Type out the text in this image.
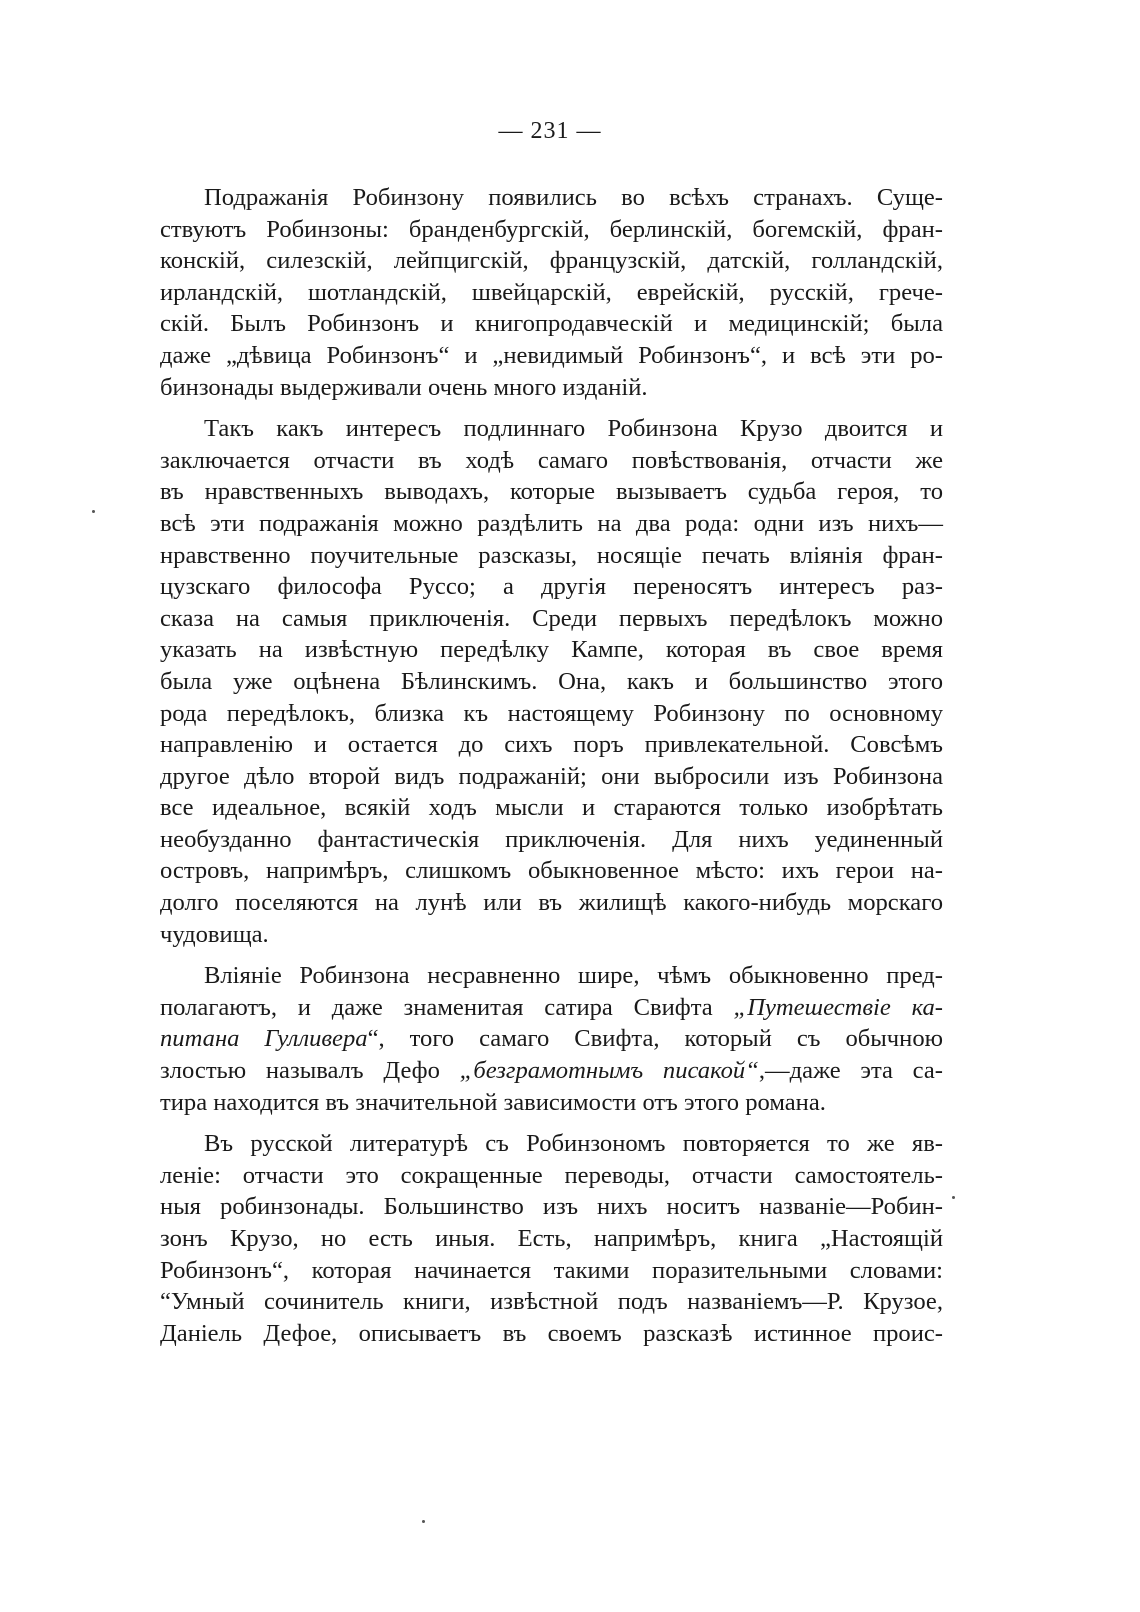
— 231 —

Подражанія Робинзону появились во всѣхъ странахъ. Суще-
ствуютъ Робинзоны: бранденбургскій, берлинскій, богемскій, фран-
конскій, силезскій, лейпцигскій, французскій, датскій, голландскій,
ирландскій, шотландскій, швейцарскій, еврейскій, русскій, грече-
скій. Былъ Робинзонъ и книгопродавческій и медицинскій; была
даже „дѣвица Робинзонъ“ и „невидимый Робинзонъ“, и всѣ эти ро-
бинзонады выдерживали очень много изданій.

Такъ какъ интересъ подлиннаго Робинзона Крузо двоится и
заключается отчасти въ ходѣ самаго повѣствованія, отчасти же
въ нравственныхъ выводахъ, которые вызываетъ судьба героя, то
всѣ эти подражанія можно раздѣлить на два рода: одни изъ нихъ—
нравственно поучительные разсказы, носящіе печать вліянія фран-
цузскаго философа Руссо; а другія переносятъ интересъ раз-
сказа на самыя приключенія. Среди первыхъ передѣлокъ можно
указать на извѣстную передѣлку Кампе, которая въ свое время
была уже оцѣнена Бѣлинскимъ. Она, какъ и большинство этого
рода передѣлокъ, близка къ настоящему Робинзону по основному
направленію и остается до сихъ поръ привлекательной. Совсѣмъ
другое дѣло второй видъ подражаній; они выбросили изъ Робинзона
все идеальное, всякій ходъ мысли и стараются только изобрѣтать
необузданно фантастическія приключенія. Для нихъ уединенный
островъ, напримѣръ, слишкомъ обыкновенное мѣсто: ихъ герои на-
долго поселяются на лунѣ или въ жилищѣ какого-нибудь морскаго
чудовища.

Вліяніе Робинзона несравненно шире, чѣмъ обыкновенно пред-
полагаютъ, и даже знаменитая сатира Свифта „Путешествіе ка-
питана Гулливера“, того самаго Свифта, который съ обычною
злостью называлъ Дефо „безграмотнымъ писакой“,—даже эта са-
тира находится въ значительной зависимости отъ этого романа.

Въ русской литературѣ съ Робинзономъ повторяется то же яв-
леніе: отчасти это сокращенные переводы, отчасти самостоятель-
ныя робинзонады. Большинство изъ нихъ носитъ названіе—Робин-
зонъ Крузо, но есть иныя. Есть, напримѣръ, книга „Настоящій
Робинзонъ“, которая начинается такими поразительными словами:
“Умный сочинитель книги, извѣстной подъ названіемъ—Р. Крузое,
Даніель Дефое, описываетъ въ своемъ разсказѣ истинное проис-
